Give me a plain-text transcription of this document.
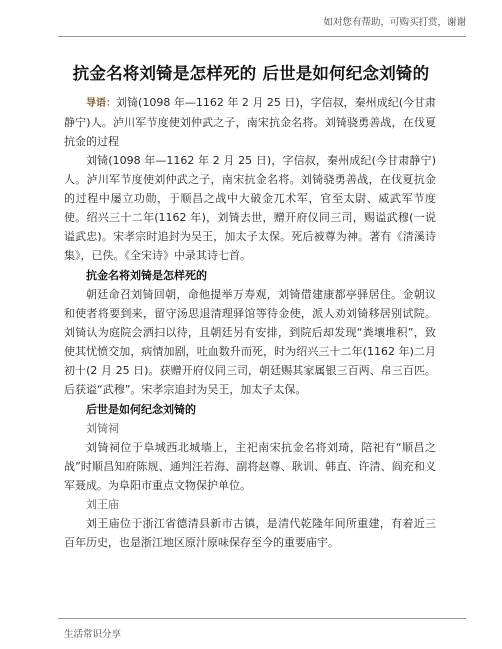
如对您有帮助，可购买打赏，谢谢
抗金名将刘锜是怎样死的 后世是如何纪念刘锜的

导语：刘锜(1098 年—1162 年 2 月 25 日)，字信叔，秦州成纪(今甘肃静宁)人。泸川军节度使刘仲武之子，南宋抗金名将。刘锜骁勇善战，在伐夏抗金的过程

刘锜(1098 年—1162 年 2 月 25 日)，字信叔，秦州成纪(今甘肃静宁)人。泸川军节度使刘仲武之子，南宋抗金名将。刘锜骁勇善战，在伐夏抗金的过程中屡立功勋，于顺昌之战中大破金兀术军，官至太尉、威武军节度使。绍兴三十二年(1162 年)，刘锜去世，赠开府仪同三司，赐谥武穆(一说谥武忠)。宋孝宗时追封为吴王，加太子太保。死后被尊为神。著有《清溪诗集》，已佚。《全宋诗》中录其诗七首。

抗金名将刘锜是怎样死的

朝廷命召刘锜回朝，命他提举万寿观，刘锜借建康都亭驿居住。金朝议和使者将要到来，留守汤思退清理驿馆等待金使，派人劝刘锜移居别试院。刘锜认为庭院会洒扫以待，且朝廷另有安排，到院后却发现“粪壤堆积”，致使其忧愤交加，病情加剧，吐血数升而死，时为绍兴三十二年(1162 年)二月初十(2 月 25 日)。获赠开府仪同三司，朝廷赐其家属银三百两、帛三百匹。后获谥“武穆”。宋孝宗追封为吴王，加太子太保。

后世是如何纪念刘锜的

刘锜祠

刘锜祠位于阜城西北城墙上，主祀南宋抗金名将刘琦，陪祀有“顺昌之战”时顺昌知府陈规、通判汪若海、副将赵尊、耿训、韩直、许清、阎充和义军聂成。为阜阳市重点文物保护单位。

刘王庙

刘王庙位于浙江省德清县新市古镇，是清代乾隆年间所重建，有着近三百年历史，也是浙江地区原汁原味保存至今的重要庙宇。

生活常识分享
